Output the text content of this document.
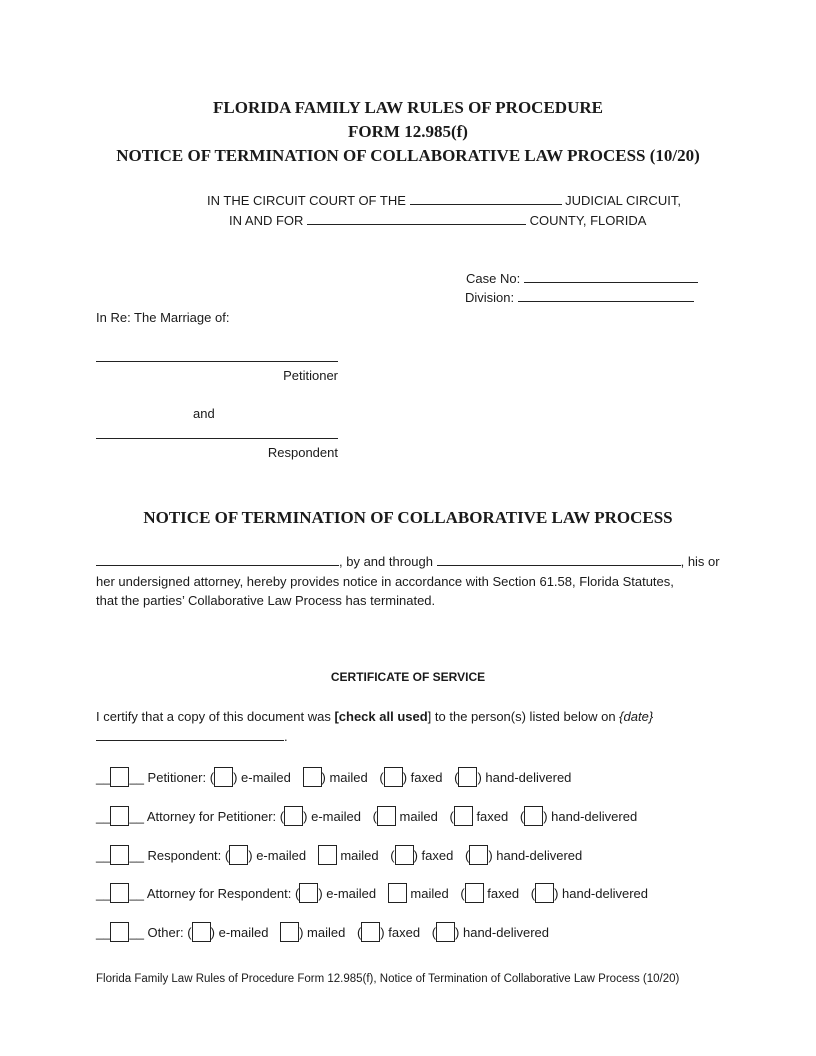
FLORIDA FAMILY LAW RULES OF PROCEDURE
FORM 12.985(f)
NOTICE OF TERMINATION OF COLLABORATIVE LAW PROCESS (10/20)
IN THE CIRCUIT COURT OF THE	JUDICIAL CIRCUIT,
IN AND FOR	COUNTY, FLORIDA
Case No:
Division:
In Re: The Marriage of:
Petitioner
and
Respondent
NOTICE OF TERMINATION OF COLLABORATIVE LAW PROCESS
, by and through	, his or
her undersigned attorney, hereby provides notice in accordance with Section 61.58, Florida Statutes,
that the parties’ Collaborative Law Process has terminated.
CERTIFICATE OF SERVICE
I certify that a copy of this document was [check all used] to the person(s) listed below on {date}
.
__ __ Petitioner: ( ) e-mailed ) mailed ( ) faxed ( ) hand-delivered
__ __ Attorney for Petitioner: ( ) e-mailed ( mailed ( faxed ( ) hand-delivered
__ __ Respondent: ( ) e-mailed	mailed ( ) faxed ( ) hand-delivered
__ __ Attorney for Respondent: ( ) e-mailed	mailed ( faxed ( ) hand-delivered
__ __ Other: ( ) e-mailed ) mailed ( ) faxed ( ) hand-delivered
Florida Family Law Rules of Procedure Form 12.985(f), Notice of Termination of Collaborative Law Process (10/20)
